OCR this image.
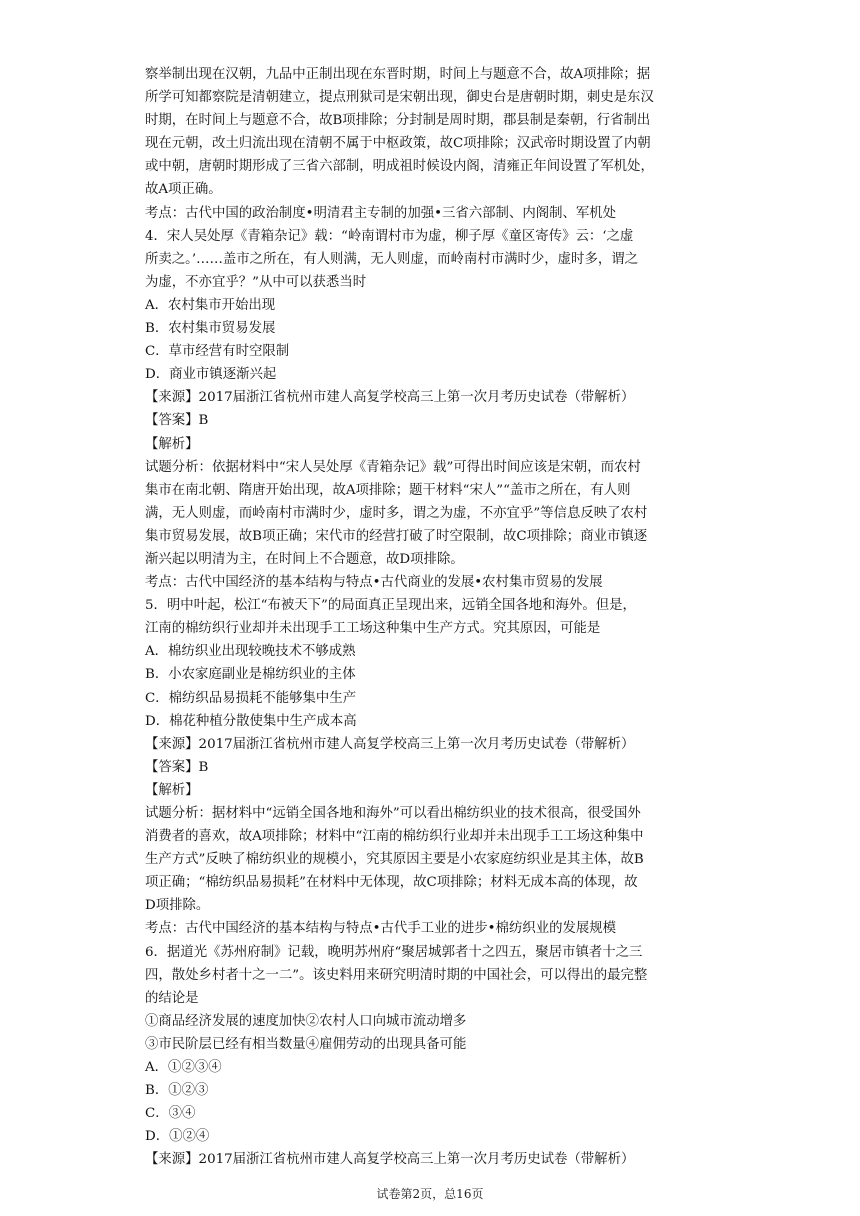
察举制出现在汉朝，九品中正制出现在东晋时期，时间上与题意不合，故A项排除；据
所学可知都察院是清朝建立，提点刑狱司是宋朝出现，御史台是唐朝时期，刺史是东汉
时期，在时间上与题意不合，故B项排除；分封制是周时期，郡县制是秦朝，行省制出
现在元朝，改土归流出现在清朝不属于中枢政策，故C项排除；汉武帝时期设置了内朝
或中朝，唐朝时期形成了三省六部制，明成祖时候设内阁，清雍正年间设置了军机处，
故A项正确。
考点：古代中国的政治制度•明清君主专制的加强•三省六部制、内阁制、军机处
4．宋人吴处厚《青箱杂记》载：“岭南谓村市为虚，柳子厚《童区寄传》云：‘之虚
所卖之。’……盖市之所在，有人则满，无人则虚，而岭南村市满时少，虚时多，谓之
为虚，不亦宜乎？”从中可以获悉当时
A．农村集市开始出现
B．农村集市贸易发展
C．草市经营有时空限制
D．商业市镇逐渐兴起
【来源】2017届浙江省杭州市建人高复学校高三上第一次月考历史试卷（带解析）
【答案】B
【解析】
试题分析：依据材料中“宋人吴处厚《青箱杂记》载”可得出时间应该是宋朝，而农村
集市在南北朝、隋唐开始出现，故A项排除；题干材料“宋人”“盖市之所在，有人则
满，无人则虚，而岭南村市满时少，虚时多，谓之为虚，不亦宜乎”等信息反映了农村
集市贸易发展，故B项正确；宋代市的经营打破了时空限制，故C项排除；商业市镇逐
渐兴起以明清为主，在时间上不合题意，故D项排除。
考点：古代中国经济的基本结构与特点•古代商业的发展•农村集市贸易的发展
5．明中叶起，松江“布被天下”的局面真正呈现出来，远销全国各地和海外。但是，
江南的棉纺织行业却并未出现手工工场这种集中生产方式。究其原因，可能是
A．棉纺织业出现较晚技术不够成熟
B．小农家庭副业是棉纺织业的主体
C．棉纺织品易损耗不能够集中生产
D．棉花种植分散使集中生产成本高
【来源】2017届浙江省杭州市建人高复学校高三上第一次月考历史试卷（带解析）
【答案】B
【解析】
试题分析：据材料中“远销全国各地和海外”可以看出棉纺织业的技术很高，很受国外
消费者的喜欢，故A项排除；材料中“江南的棉纺织行业却并未出现手工工场这种集中
生产方式”反映了棉纺织业的规模小，究其原因主要是小农家庭纺织业是其主体，故B
项正确；“棉纺织品易损耗”在材料中无体现，故C项排除；材料无成本高的体现，故
D项排除。
考点：古代中国经济的基本结构与特点•古代手工业的进步•棉纺织业的发展规模
6．据道光《苏州府制》记载，晚明苏州府“聚居城郭者十之四五，聚居市镇者十之三
四，散处乡村者十之一二”。该史料用来研究明清时期的中国社会，可以得出的最完整
的结论是
①商品经济发展的速度加快②农村人口向城市流动增多
③市民阶层已经有相当数量④雇佣劳动的出现具备可能
A．①②③④
B．①②③
C．③④
D．①②④
【来源】2017届浙江省杭州市建人高复学校高三上第一次月考历史试卷（带解析）
试卷第2页，总16页
